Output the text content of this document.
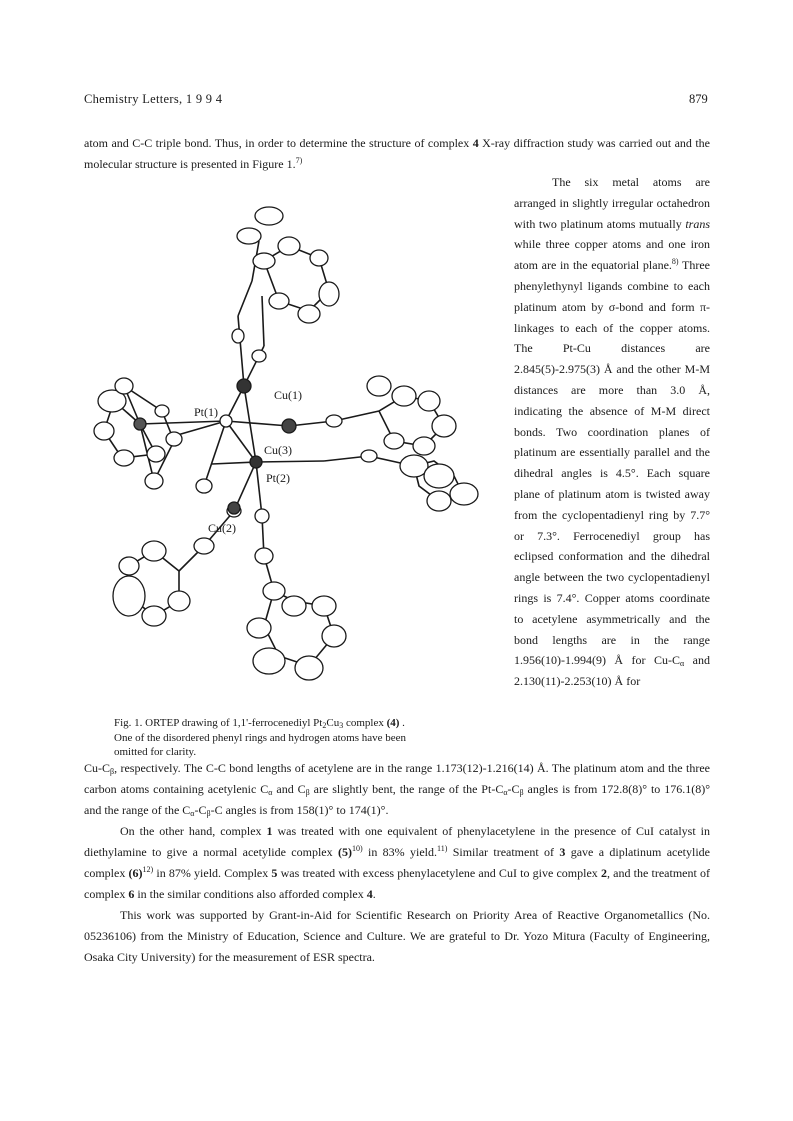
Chemistry Letters, 1 9 9 4	879
atom and C-C triple bond. Thus, in order to determine the structure of complex 4 X-ray diffraction study was carried out and the molecular structure is presented in Figure 1.$^{7)}$
Cu(1)
Pt(1)
Cu(3)
Pt(2)
Cu(2)

The six metal atoms are arranged in slightly irregular octahedron with two platinum atoms mutually trans while three copper atoms and one iron atom are in the equatorial plane.$^{8)}$ Three phenylethynyl ligands combine to each platinum atom by σ-bond and form π-linkages to each of the copper atoms. The Pt-Cu distances are 2.845(5)-2.975(3) Å and the other M-M distances are more than 3.0 Å, indicating the absence of M-M direct bonds. Two coordination planes of platinum are essentially parallel and the dihedral angles is 4.5°. Each square plane of platinum atom is twisted away from the cyclopentadienyl ring by 7.7° or 7.3°. Ferrocenediyl group has eclipsed conformation and the dihedral angle between the two cyclopentadienyl rings is 7.4°. Copper atoms coordinate to acetylene asymmetrically and the bond lengths are in the range 1.956(10)-1.994(9) Å for $Cu-C_\alpha$ and 2.130(11)-2.253(10) Å for

Fig. 1. ORTEP drawing of 1,1'-ferrocenediyl $Pt_2Cu_3$ complex (4) . One of the disordered phenyl rings and hydrogen atoms have been omitted for clarity.

$Cu-C_\beta$, respectively. The C-C bond lengths of acetylene are in the range 1.173(12)-1.216(14) Å. The platinum atom and the three carbon atoms containing acetylenic $C_\alpha$ and $C_\beta$ are slightly bent, the range of the $Pt-C_\alpha-C_\beta$ angles is from 172.8(8)° to 176.1(8)° and the range of the $C_\alpha-C_\beta-C$ angles is from 158(1)° to 174(1)°.

On the other hand, complex 1 was treated with one equivalent of phenylacetylene in the presence of CuI catalyst in diethylamine to give a normal acetylide complex $(5)^{10)}$ in 83% yield.$^{11)}$ Similar treatment of 3 gave a diplatinum acetylide complex $(6)^{12)}$ in 87% yield. Complex 5 was treated with excess phenylacetylene and CuI to give complex 2, and the treatment of complex 6 in the similar conditions also afforded complex 4.

This work was supported by Grant-in-Aid for Scientific Research on Priority Area of Reactive Organometallics (No. 05236106) from the Ministry of Education, Science and Culture. We are grateful to Dr. Yozo Mitura (Faculty of Engineering, Osaka City University) for the measurement of ESR spectra.
